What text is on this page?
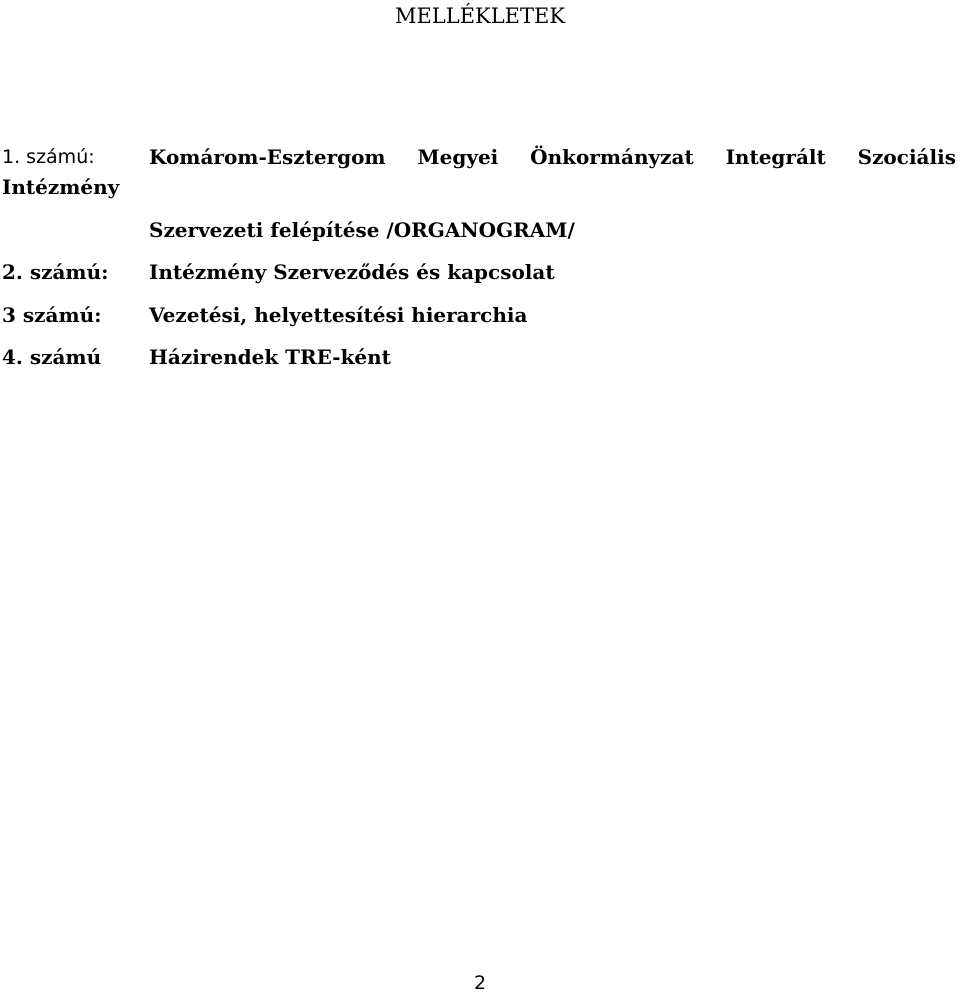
MELLÉKLETEK
1. számú:	Komárom-Esztergom Megyei Önkormányzat Integrált Szociális
Intézmény
Szervezeti felépítése /ORGANOGRAM/
2. számú: Intézmény Szerveződés és kapcsolat
3 számú: Vezetési, helyettesítési hierarchia
4. számú Házirendek TRE-ként
2
